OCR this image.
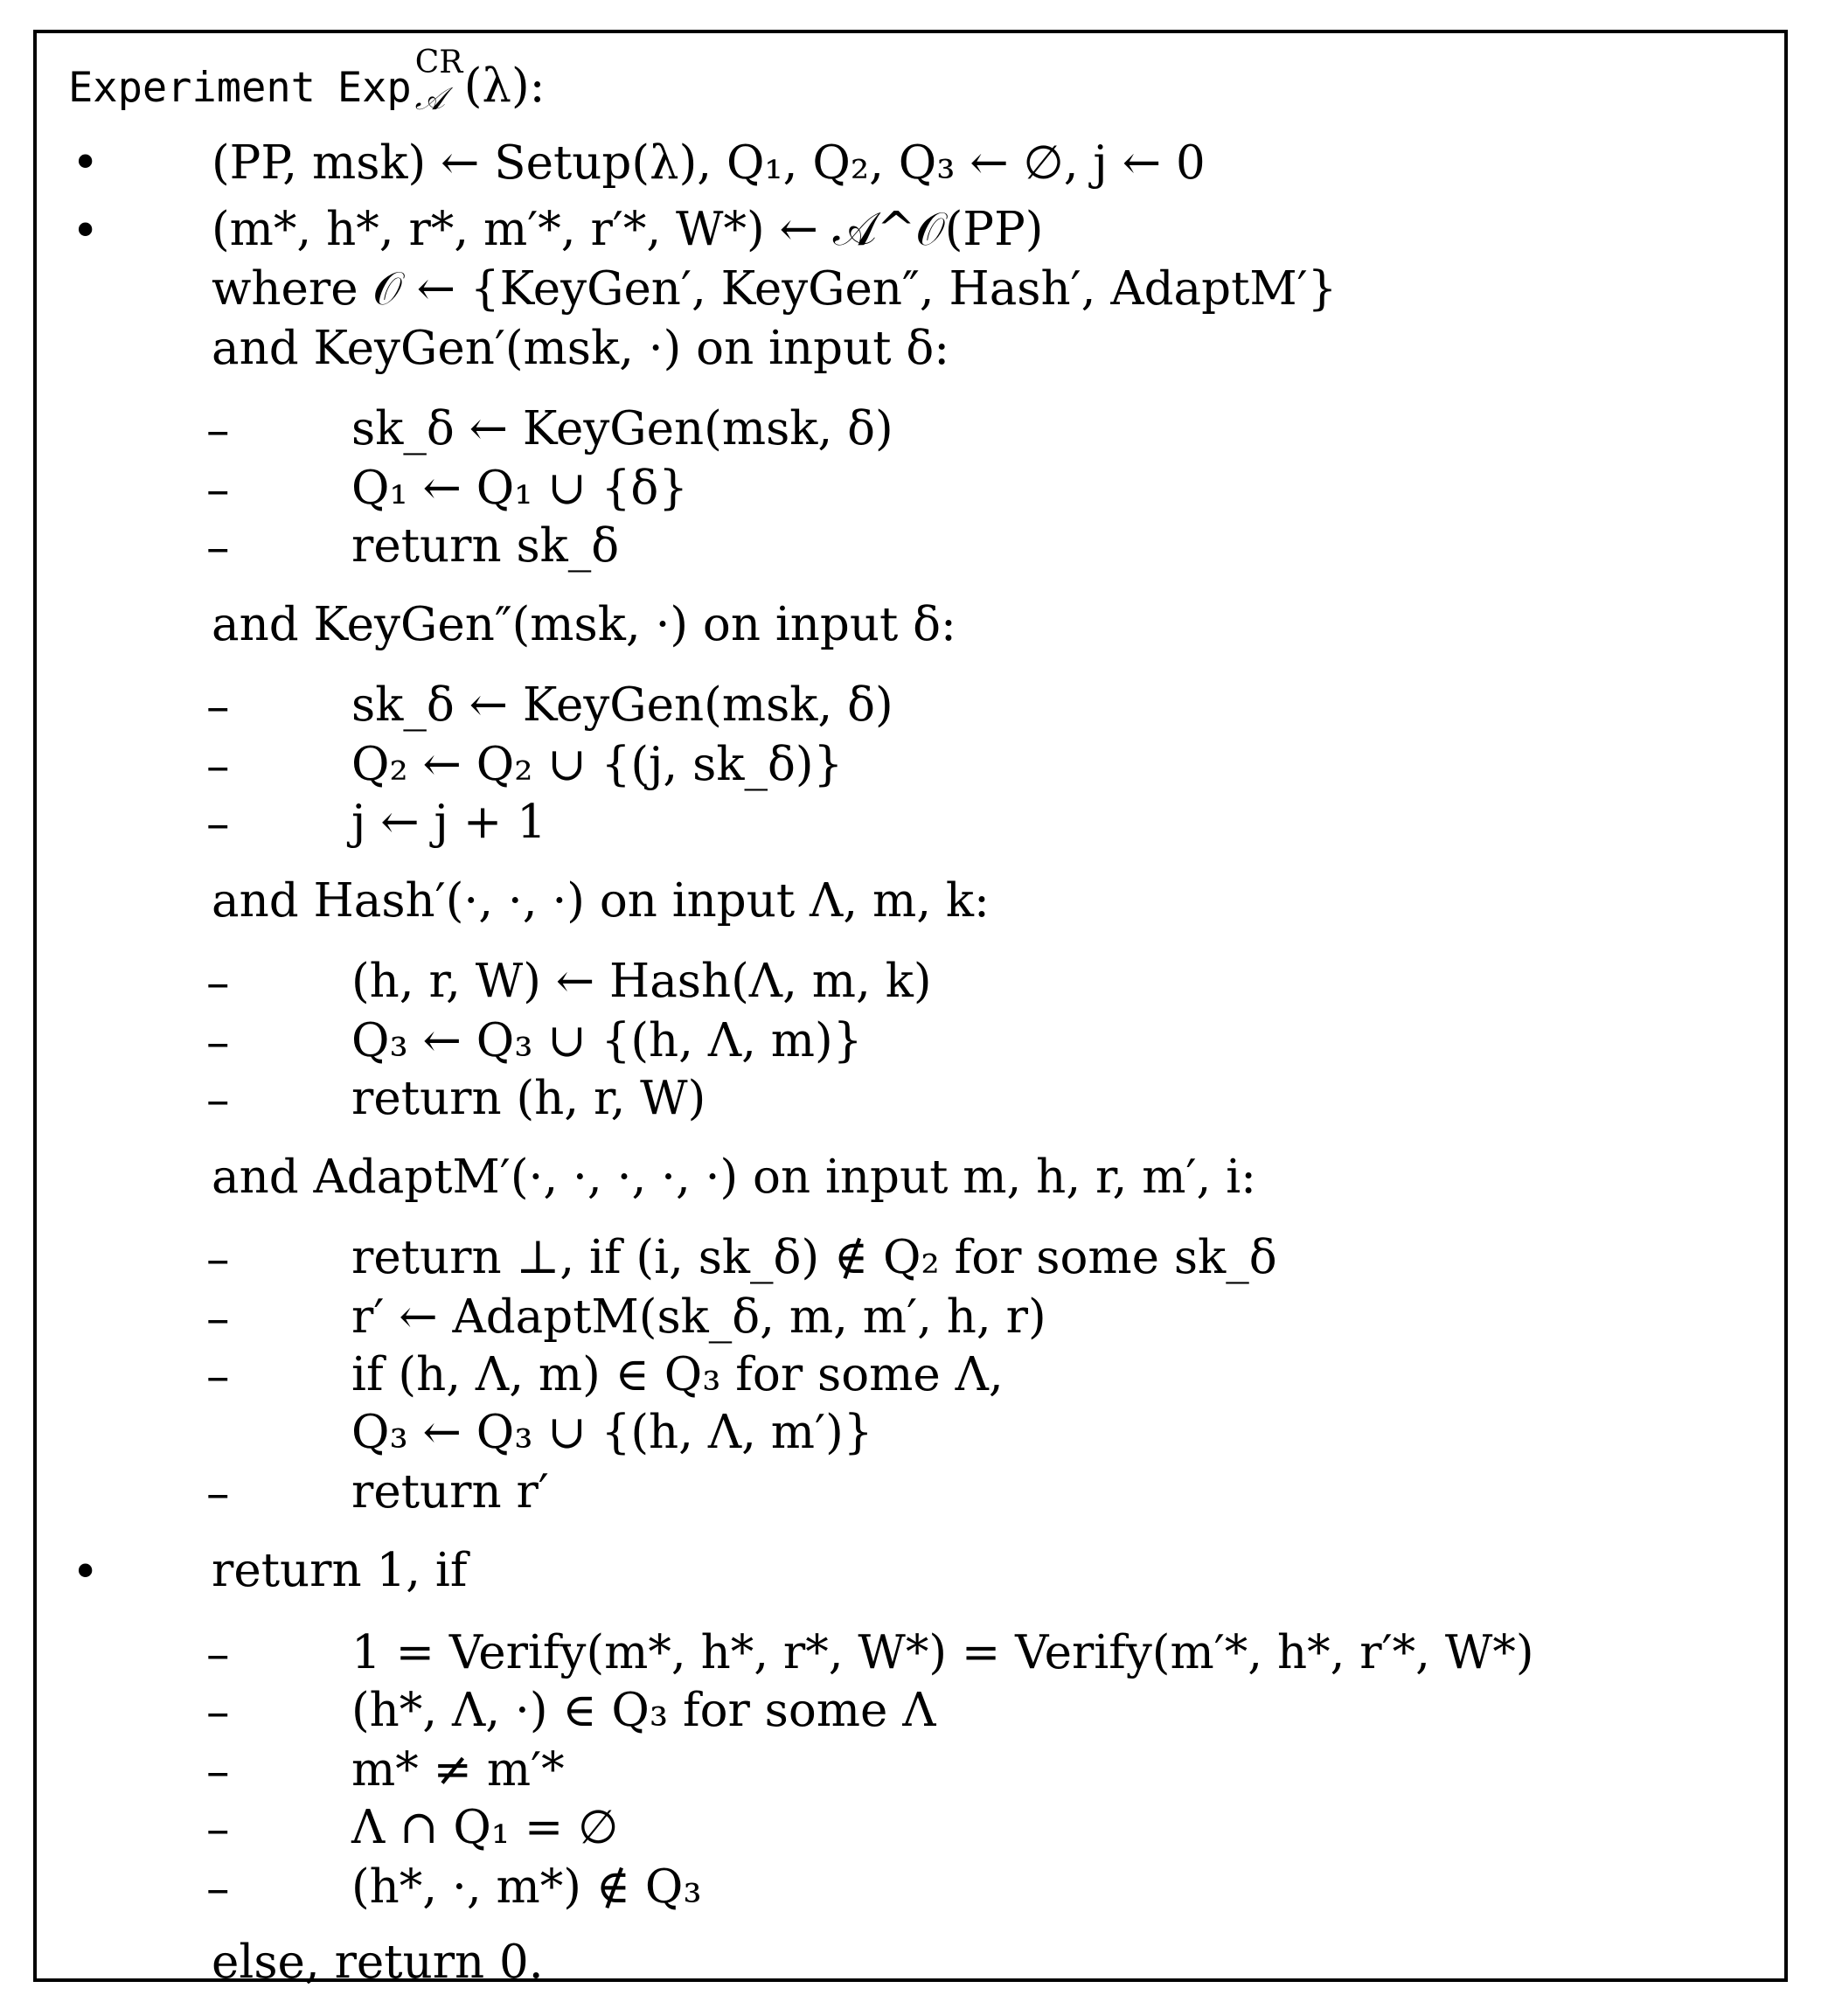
Experiment Exp
CR
𝒜 (λ):
• (PP, msk) ← Setup(λ), Q₁, Q₂, Q₃ ← ∅, j ← 0
• (m*, h*, r*, m′*, r′*, W*) ← 𝒜^𝒪(PP)
where 𝒪 ← {KeyGen′, KeyGen″, Hash′, AdaptM′}
and KeyGen′(msk, ·) on input δ:
–	sk_δ ← KeyGen(msk, δ)
–	Q₁ ← Q₁ ∪ {δ}
–	return sk_δ
and KeyGen″(msk, ·) on input δ:
–	sk_δ ← KeyGen(msk, δ)
–	Q₂ ← Q₂ ∪ {(j, sk_δ)}
–	j ← j + 1
and Hash′(·, ·, ·) on input Λ, m, k:
–	(h, r, W) ← Hash(Λ, m, k)
–	Q₃ ← Q₃ ∪ {(h, Λ, m)}
–	return (h, r, W)
and AdaptM′(·, ·, ·, ·, ·) on input m, h, r, m′, i:
–	return ⊥, if (i, sk_δ) ∉ Q₂ for some sk_δ
–	r′ ← AdaptM(sk_δ, m, m′, h, r)
–	if (h, Λ, m) ∈ Q₃ for some Λ,
Q₃ ← Q₃ ∪ {(h, Λ, m′)}
–	return r′
• return 1, if
–	1 = Verify(m*, h*, r*, W*) = Verify(m′*, h*, r′*, W*)
–	(h*, Λ, ·) ∈ Q₃ for some Λ
–	m* ≠ m′*
–	Λ ∩ Q₁ = ∅
–	(h*, ·, m*) ∉ Q₃
else, return 0.
